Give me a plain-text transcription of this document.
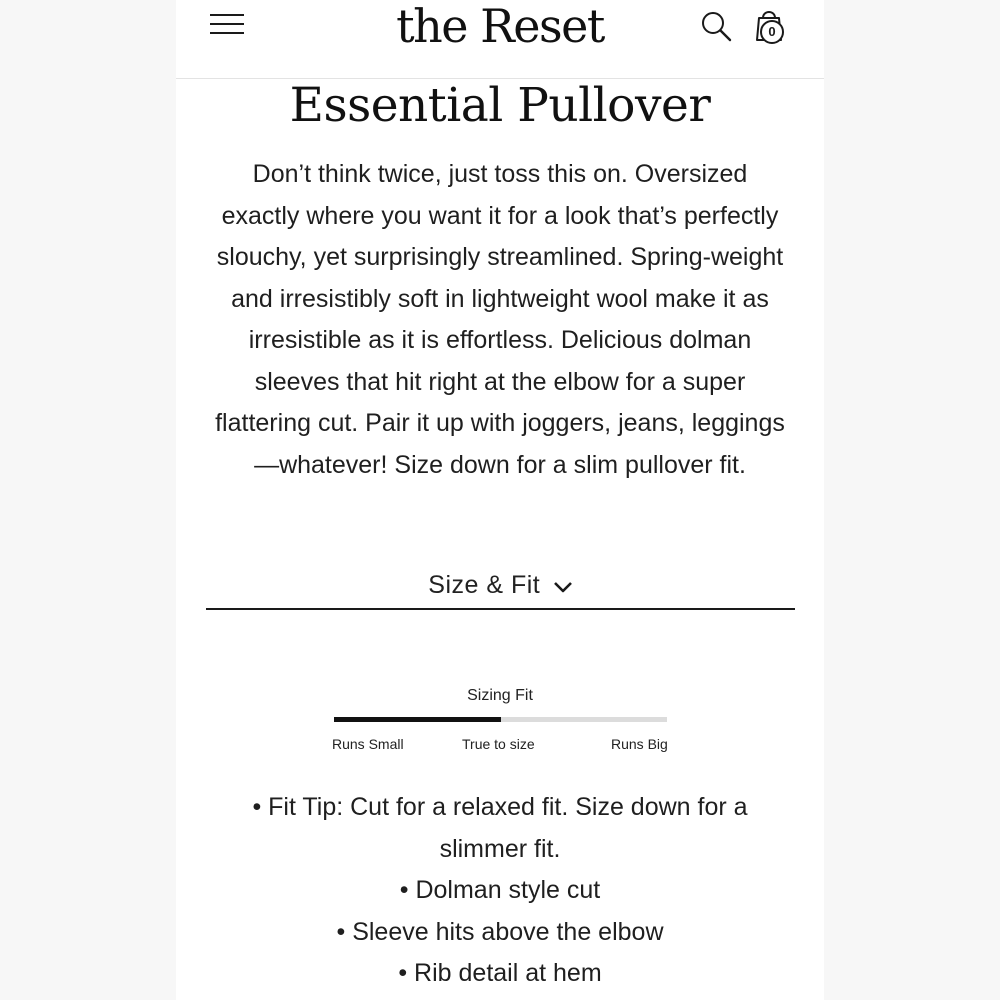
the Reset	0
Essential Pullover

Don’t think twice, just toss this on. Oversized exactly where you want it for a look that’s perfectly slouchy, yet surprisingly streamlined. Spring-weight and irresistibly soft in lightweight wool make it as irresistible as it is effortless. Delicious dolman sleeves that hit right at the elbow for a super flattering cut. Pair it up with joggers, jeans, leggings—whatever! Size down for a slim pullover fit.

Size & Fit
Sizing Fit
Runs Small	True to size	Runs Big
• Fit Tip: Cut for a relaxed fit. Size down for a slimmer fit.
• Dolman style cut
• Sleeve hits above the elbow
• Rib detail at hem
